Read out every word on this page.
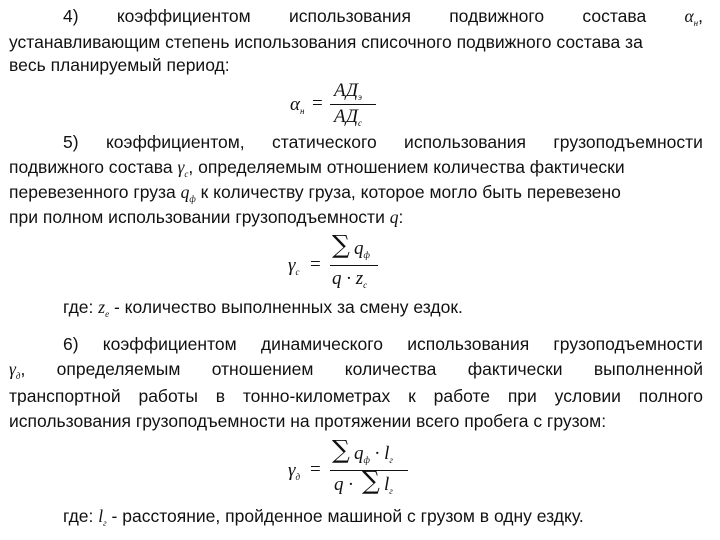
4) коэффициентом использования подвижного состава $\alpha_н$,
устанавливающим степень использования списочного подвижного состава за
весь планируемый период:
$\alpha_н$ =
$АД_э$
$АД_с$
5) коэффициентом, статического использования грузоподъемности
подвижного состава $\gamma_с$, определяемым отношением количества фактически
перевезенного груза $q_ф$ к количеству груза, которое могло быть перевезено
при полном использовании грузоподъемности q:
$\gamma_с$ =
∑ $q_ф$
$q \cdot z_с$
где: $z_е$ - количество выполненных за смену ездок.
6) коэффициентом динамического использования грузоподъемности
$\gamma_д$, определяемым отношением количества фактически выполненной
транспортной работы в тонно-километрах к работе при условии полного
использования грузоподъемности на протяжении всего пробега с грузом:
$\gamma_д$ =
∑ $q_ф \cdot l_г$
q · ∑ $l_г$
где: $l_г$ - расстояние, пройденное машиной с грузом в одну ездку.
